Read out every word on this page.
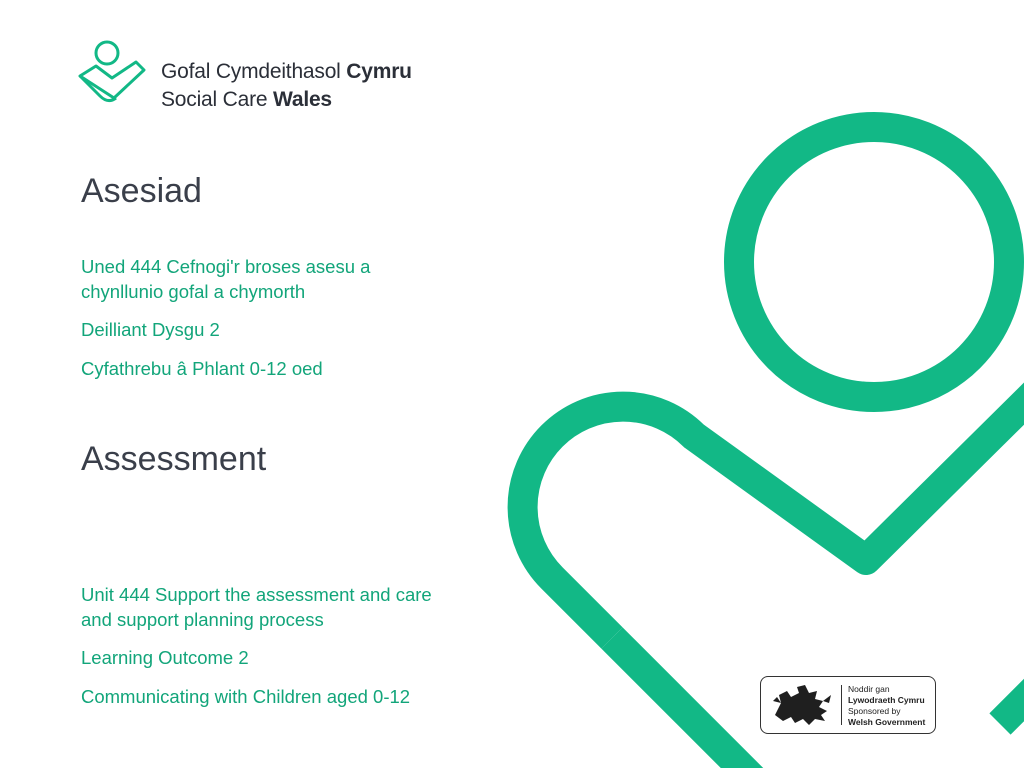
Gofal Cymdeithasol Cymru
Social Care Wales
Asesiad
Uned 444 Cefnogi'r broses asesu a
chynllunio gofal a chymorth
Deilliant Dysgu 2
Cyfathrebu â Phlant 0-12 oed
Assessment
Unit 444 Support the assessment and care
and support planning process
Learning Outcome 2
Communicating with Children aged 0-12	Noddir gan
Lywodraeth Cymru
Sponsored by
Welsh Government
